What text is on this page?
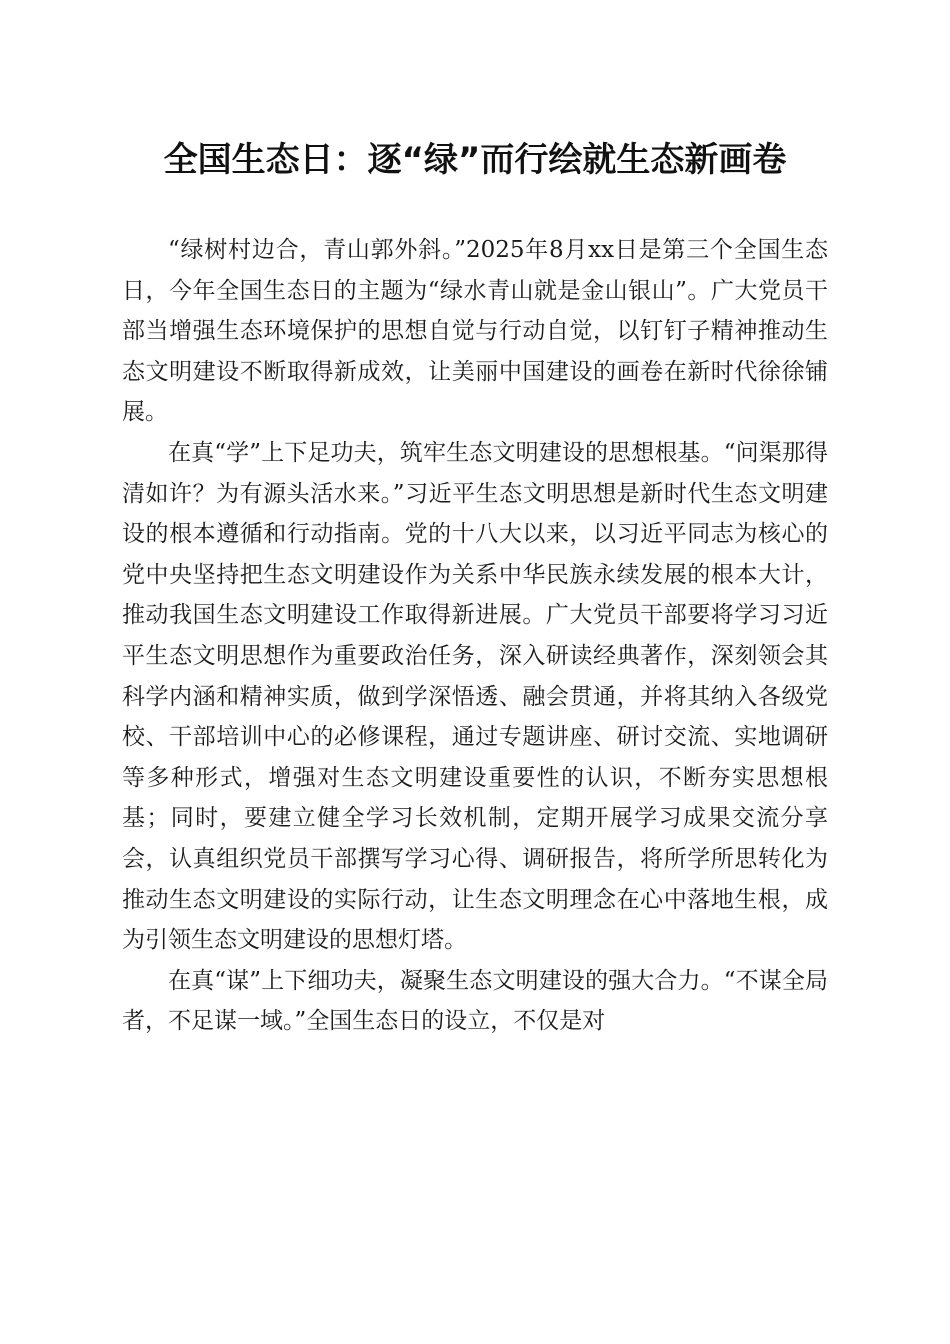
全国生态日：逐“绿”而行绘就生态新画卷

“绿树村边合，青山郭外斜。”2025年8月xx日是第三个全国生态日，今年全国生态日的主题为“绿水青山就是金山银山”。广大党员干部当增强生态环境保护的思想自觉与行动自觉，以钉钉子精神推动生态文明建设不断取得新成效，让美丽中国建设的画卷在新时代徐徐铺展。

在真“学”上下足功夫，筑牢生态文明建设的思想根基。“问渠那得清如许？为有源头活水来。”习近平生态文明思想是新时代生态文明建设的根本遵循和行动指南。党的十八大以来，以习近平同志为核心的党中央坚持把生态文明建设作为关系中华民族永续发展的根本大计，推动我国生态文明建设工作取得新进展。广大党员干部要将学习习近平生态文明思想作为重要政治任务，深入研读经典著作，深刻领会其科学内涵和精神实质，做到学深悟透、融会贯通，并将其纳入各级党校、干部培训中心的必修课程，通过专题讲座、研讨交流、实地调研等多种形式，增强对生态文明建设重要性的认识，不断夯实思想根基；同时，要建立健全学习长效机制，定期开展学习成果交流分享会，认真组织党员干部撰写学习心得、调研报告，将所学所思转化为推动生态文明建设的实际行动，让生态文明理念在心中落地生根，成为引领生态文明建设的思想灯塔。

在真“谋”上下细功夫，凝聚生态文明建设的强大合力。“不谋全局者，不足谋一域。”全国生态日的设立，不仅是对
